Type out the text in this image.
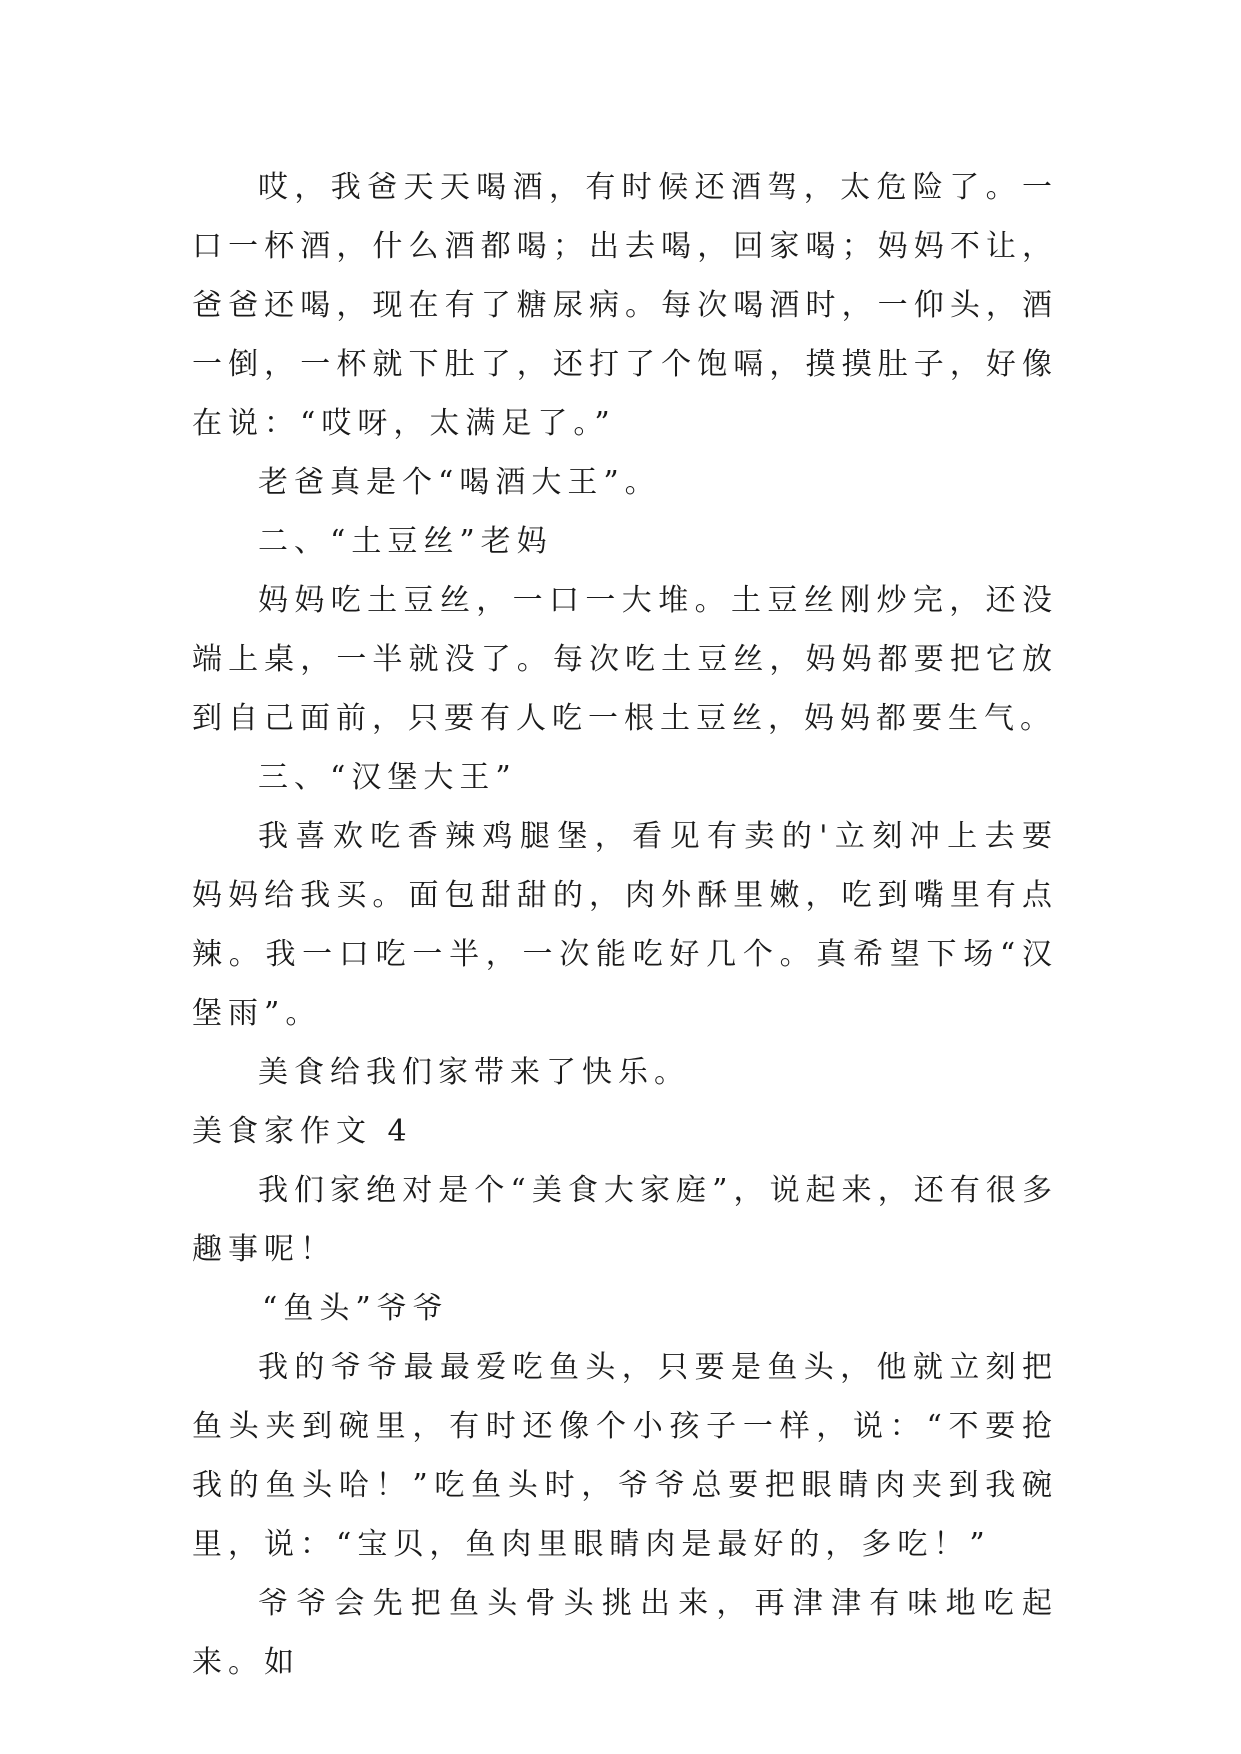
哎，我爸天天喝酒，有时候还酒驾，太危险了。一口一杯酒，什么酒都喝；出去喝，回家喝；妈妈不让，爸爸还喝，现在有了糖尿病。每次喝酒时，一仰头，酒一倒，一杯就下肚了，还打了个饱嗝，摸摸肚子，好像在说：“哎呀，太满足了。”

老爸真是个“喝酒大王”。

二、“土豆丝”老妈

妈妈吃土豆丝，一口一大堆。土豆丝刚炒完，还没端上桌，一半就没了。每次吃土豆丝，妈妈都要把它放到自己面前，只要有人吃一根土豆丝，妈妈都要生气。

三、“汉堡大王”

我喜欢吃香辣鸡腿堡，看见有卖的'立刻冲上去要妈妈给我买。面包甜甜的，肉外酥里嫩，吃到嘴里有点辣。我一口吃一半，一次能吃好几个。真希望下场“汉堡雨”。

美食给我们家带来了快乐。

美食家作文 4

我们家绝对是个“美食大家庭”，说起来，还有很多趣事呢！

“鱼头”爷爷

我的爷爷最最爱吃鱼头，只要是鱼头，他就立刻把鱼头夹到碗里，有时还像个小孩子一样，说：“不要抢我的鱼头哈！”吃鱼头时，爷爷总要把眼睛肉夹到我碗里，说：“宝贝，鱼肉里眼睛肉是最好的，多吃！”

爷爷会先把鱼头骨头挑出来，再津津有味地吃起来。如
